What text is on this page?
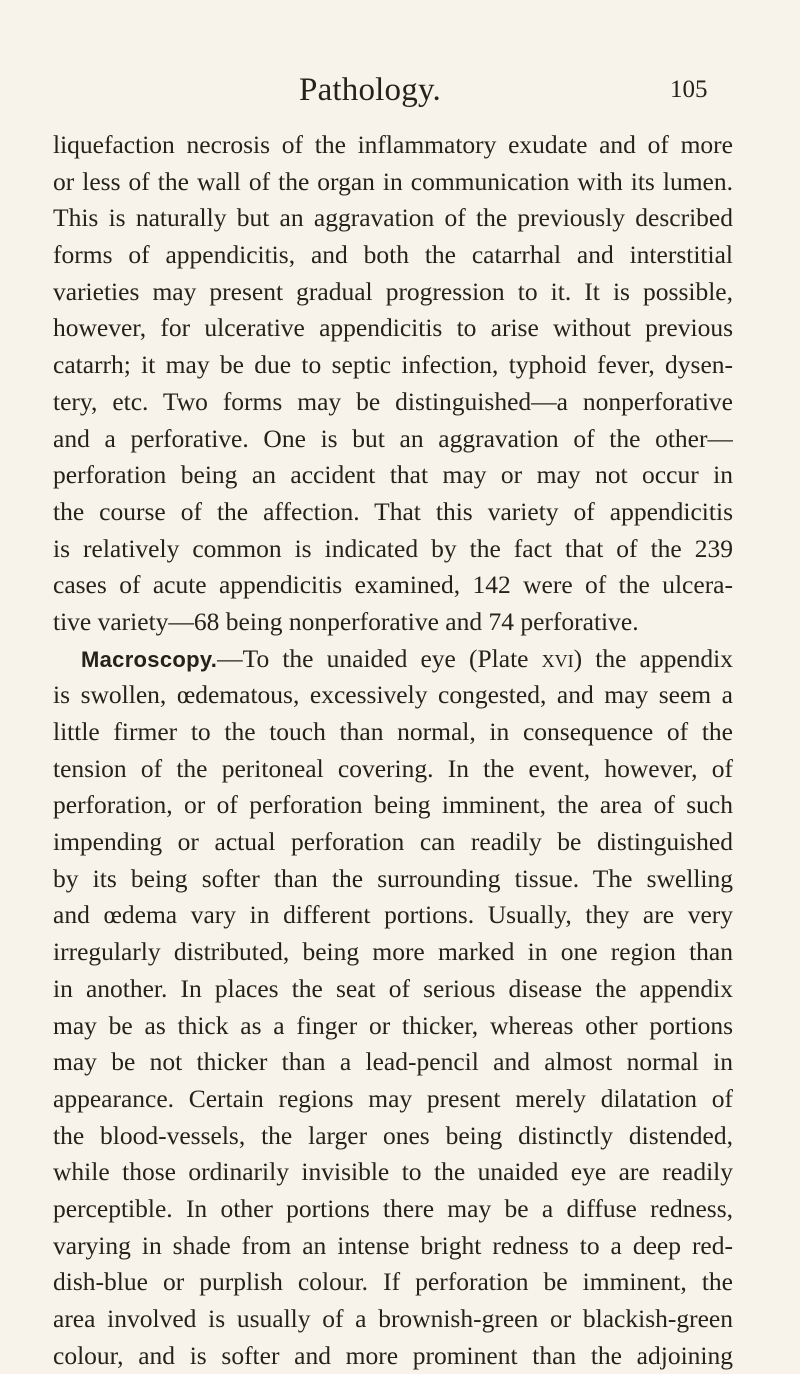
Pathology.	105
liquefaction necrosis of the inflammatory exudate and of more
or less of the wall of the organ in communication with its lumen.
This is naturally but an aggravation of the previously described
forms of appendicitis, and both the catarrhal and interstitial
varieties may present gradual progression to it. It is possible,
however, for ulcerative appendicitis to arise without previous
catarrh; it may be due to septic infection, typhoid fever, dysen-
tery, etc. Two forms may be distinguished—a nonperforative
and a perforative. One is but an aggravation of the other—
perforation being an accident that may or may not occur in
the course of the affection. That this variety of appendicitis
is relatively common is indicated by the fact that of the 239
cases of acute appendicitis examined, 142 were of the ulcera-
tive variety—68 being nonperforative and 74 perforative.
Macroscopy.—To the unaided eye (Plate xvi) the appendix
is swollen, œdematous, excessively congested, and may seem a
little firmer to the touch than normal, in consequence of the
tension of the peritoneal covering. In the event, however, of
perforation, or of perforation being imminent, the area of such
impending or actual perforation can readily be distinguished
by its being softer than the surrounding tissue. The swelling
and œdema vary in different portions. Usually, they are very
irregularly distributed, being more marked in one region than
in another. In places the seat of serious disease the appendix
may be as thick as a finger or thicker, whereas other portions
may be not thicker than a lead-pencil and almost normal in
appearance. Certain regions may present merely dilatation of
the blood-vessels, the larger ones being distinctly distended,
while those ordinarily invisible to the unaided eye are readily
perceptible. In other portions there may be a diffuse redness,
varying in shade from an intense bright redness to a deep red-
dish-blue or purplish colour. If perforation be imminent, the
area involved is usually of a brownish-green or blackish-green
colour, and is softer and more prominent than the adjoining
